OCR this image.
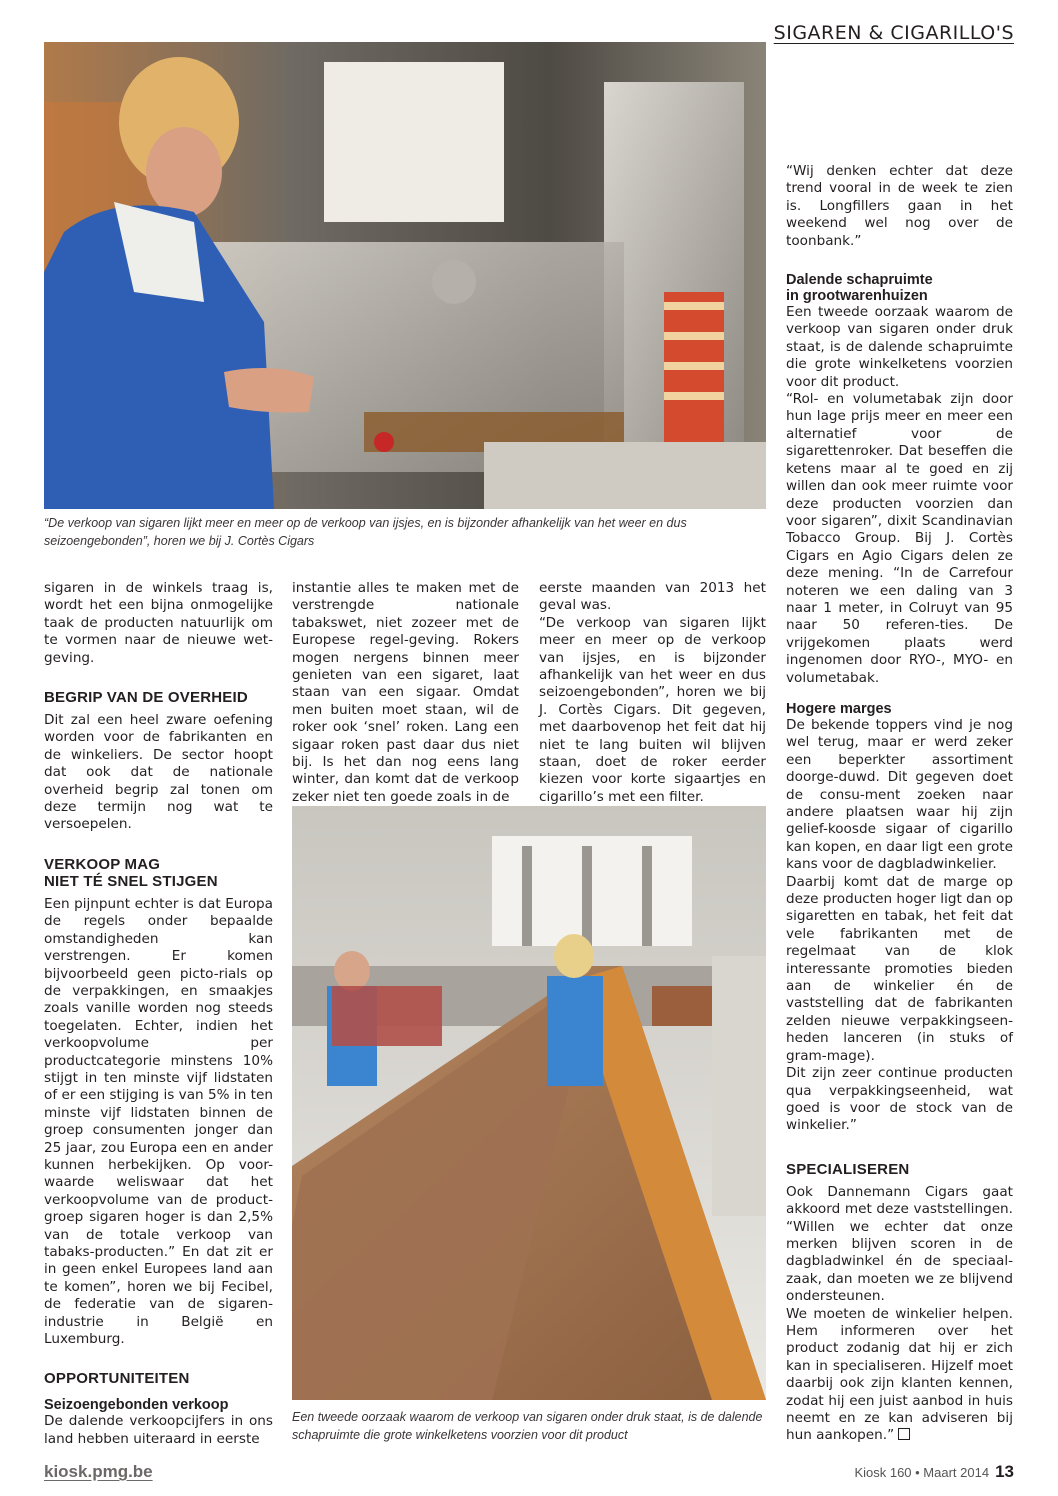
SIGAREN & CIGARILLO'S
“De verkoop van sigaren lijkt meer en meer op de verkoop van ijsjes, en is bijzonder afhankelijk van het weer en dus seizoengebonden”, horen we bij J. Cortès Cigars

sigaren in de winkels traag is, wordt het een bijna onmogelijke taak de producten natuurlijk om te vormen naar de nieuwe wet-geving.

BEGRIP VAN DE OVERHEID

Dit zal een heel zware oefening worden voor de fabrikanten en de winkeliers. De sector hoopt dat ook dat de nationale overheid begrip zal tonen om deze termijn nog wat te versoepelen.

VERKOOP MAG
NIET TÉ SNEL STIJGEN

Een pijnpunt echter is dat Europa de regels onder bepaalde omstandigheden kan verstrengen. Er komen bijvoorbeeld geen picto-rials op de verpakkingen, en smaakjes zoals vanille worden nog steeds toegelaten. Echter, indien het verkoopvolume per productcategorie minstens 10% stijgt in ten minste vijf lidstaten of er een stijging is van 5% in ten minste vijf lidstaten binnen de groep consumenten jonger dan 25 jaar, zou Europa een en ander kunnen herbekijken. Op voor-waarde weliswaar dat het verkoopvolume van de product-groep sigaren hoger is dan 2,5% van de totale verkoop van tabaks-producten.” En dat zit er in geen enkel Europees land aan te komen”, horen we bij Fecibel, de federatie van de sigaren-industrie in België en Luxemburg.

OPPORTUNITEITEN
Seizoengebonden verkoop

De dalende verkoopcijfers in ons land hebben uiteraard in eerste

instantie alles te maken met de verstrengde nationale tabakswet, niet zozeer met de Europese regel-geving. Rokers mogen nergens binnen meer genieten van een sigaret, laat staan van een sigaar. Omdat men buiten moet staan, wil de roker ook ‘snel’ roken. Lang een sigaar roken past daar dus niet bij. Is het dan nog eens lang winter, dan komt dat de verkoop zeker niet ten goede zoals in de

eerste maanden van 2013 het geval was.

“De verkoop van sigaren lijkt meer en meer op de verkoop van ijsjes, en is bijzonder afhankelijk van het weer en dus seizoengebonden”, horen we bij J. Cortès Cigars. Dit gegeven, met daarbovenop het feit dat hij niet te lang buiten wil blijven staan, doet de roker eerder kiezen voor korte sigaartjes en cigarillo’s met een filter.

Een tweede oorzaak waarom de verkoop van sigaren onder druk staat, is de dalende schapruimte die grote winkelketens voorzien voor dit product

“Wij denken echter dat deze trend vooral in de week te zien is. Longfillers gaan in het weekend wel nog over de toonbank.”

Dalende schapruimte
in grootwarenhuizen

Een tweede oorzaak waarom de verkoop van sigaren onder druk staat, is de dalende schapruimte die grote winkelketens voorzien voor dit product.

“Rol- en volumetabak zijn door hun lage prijs meer en meer een alternatief voor de sigarettenroker. Dat beseffen die ketens maar al te goed en zij willen dan ook meer ruimte voor deze producten voorzien dan voor sigaren”, dixit Scandinavian Tobacco Group. Bij J. Cortès Cigars en Agio Cigars delen ze deze mening. “In de Carrefour noteren we een daling van 3 naar 1 meter, in Colruyt van 95 naar 50 referen-ties. De vrijgekomen plaats werd ingenomen door RYO-, MYO- en volumetabak.

Hogere marges

De bekende toppers vind je nog wel terug, maar er werd zeker een beperkter assortiment doorge-duwd. Dit gegeven doet de consu-ment zoeken naar andere plaatsen waar hij zijn gelief-koosde sigaar of cigarillo kan kopen, en daar ligt een grote kans voor de dagbladwinkelier.

Daarbij komt dat de marge op deze producten hoger ligt dan op sigaretten en tabak, het feit dat vele fabrikanten met de regelmaat van de klok interessante promoties bieden aan de winkelier én de vaststelling dat de fabrikanten zelden nieuwe verpakkingseen-heden lanceren (in stuks of gram-mage).

Dit zijn zeer continue producten qua verpakkingseenheid, wat goed is voor de stock van de winkelier.”

SPECIALISEREN

Ook Dannemann Cigars gaat akkoord met deze vaststellingen. “Willen we echter dat onze merken blijven scoren in de dagbladwinkel én de speciaal-zaak, dan moeten we ze blijvend ondersteunen.

We moeten de winkelier helpen. Hem informeren over het product zodanig dat hij er zich kan in specialiseren. Hijzelf moet daarbij ook zijn klanten kennen, zodat hij een juist aanbod in huis neemt en ze kan adviseren bij hun aankopen.”

kiosk.pmg.be	Kiosk 160 • Maart 2014 13
